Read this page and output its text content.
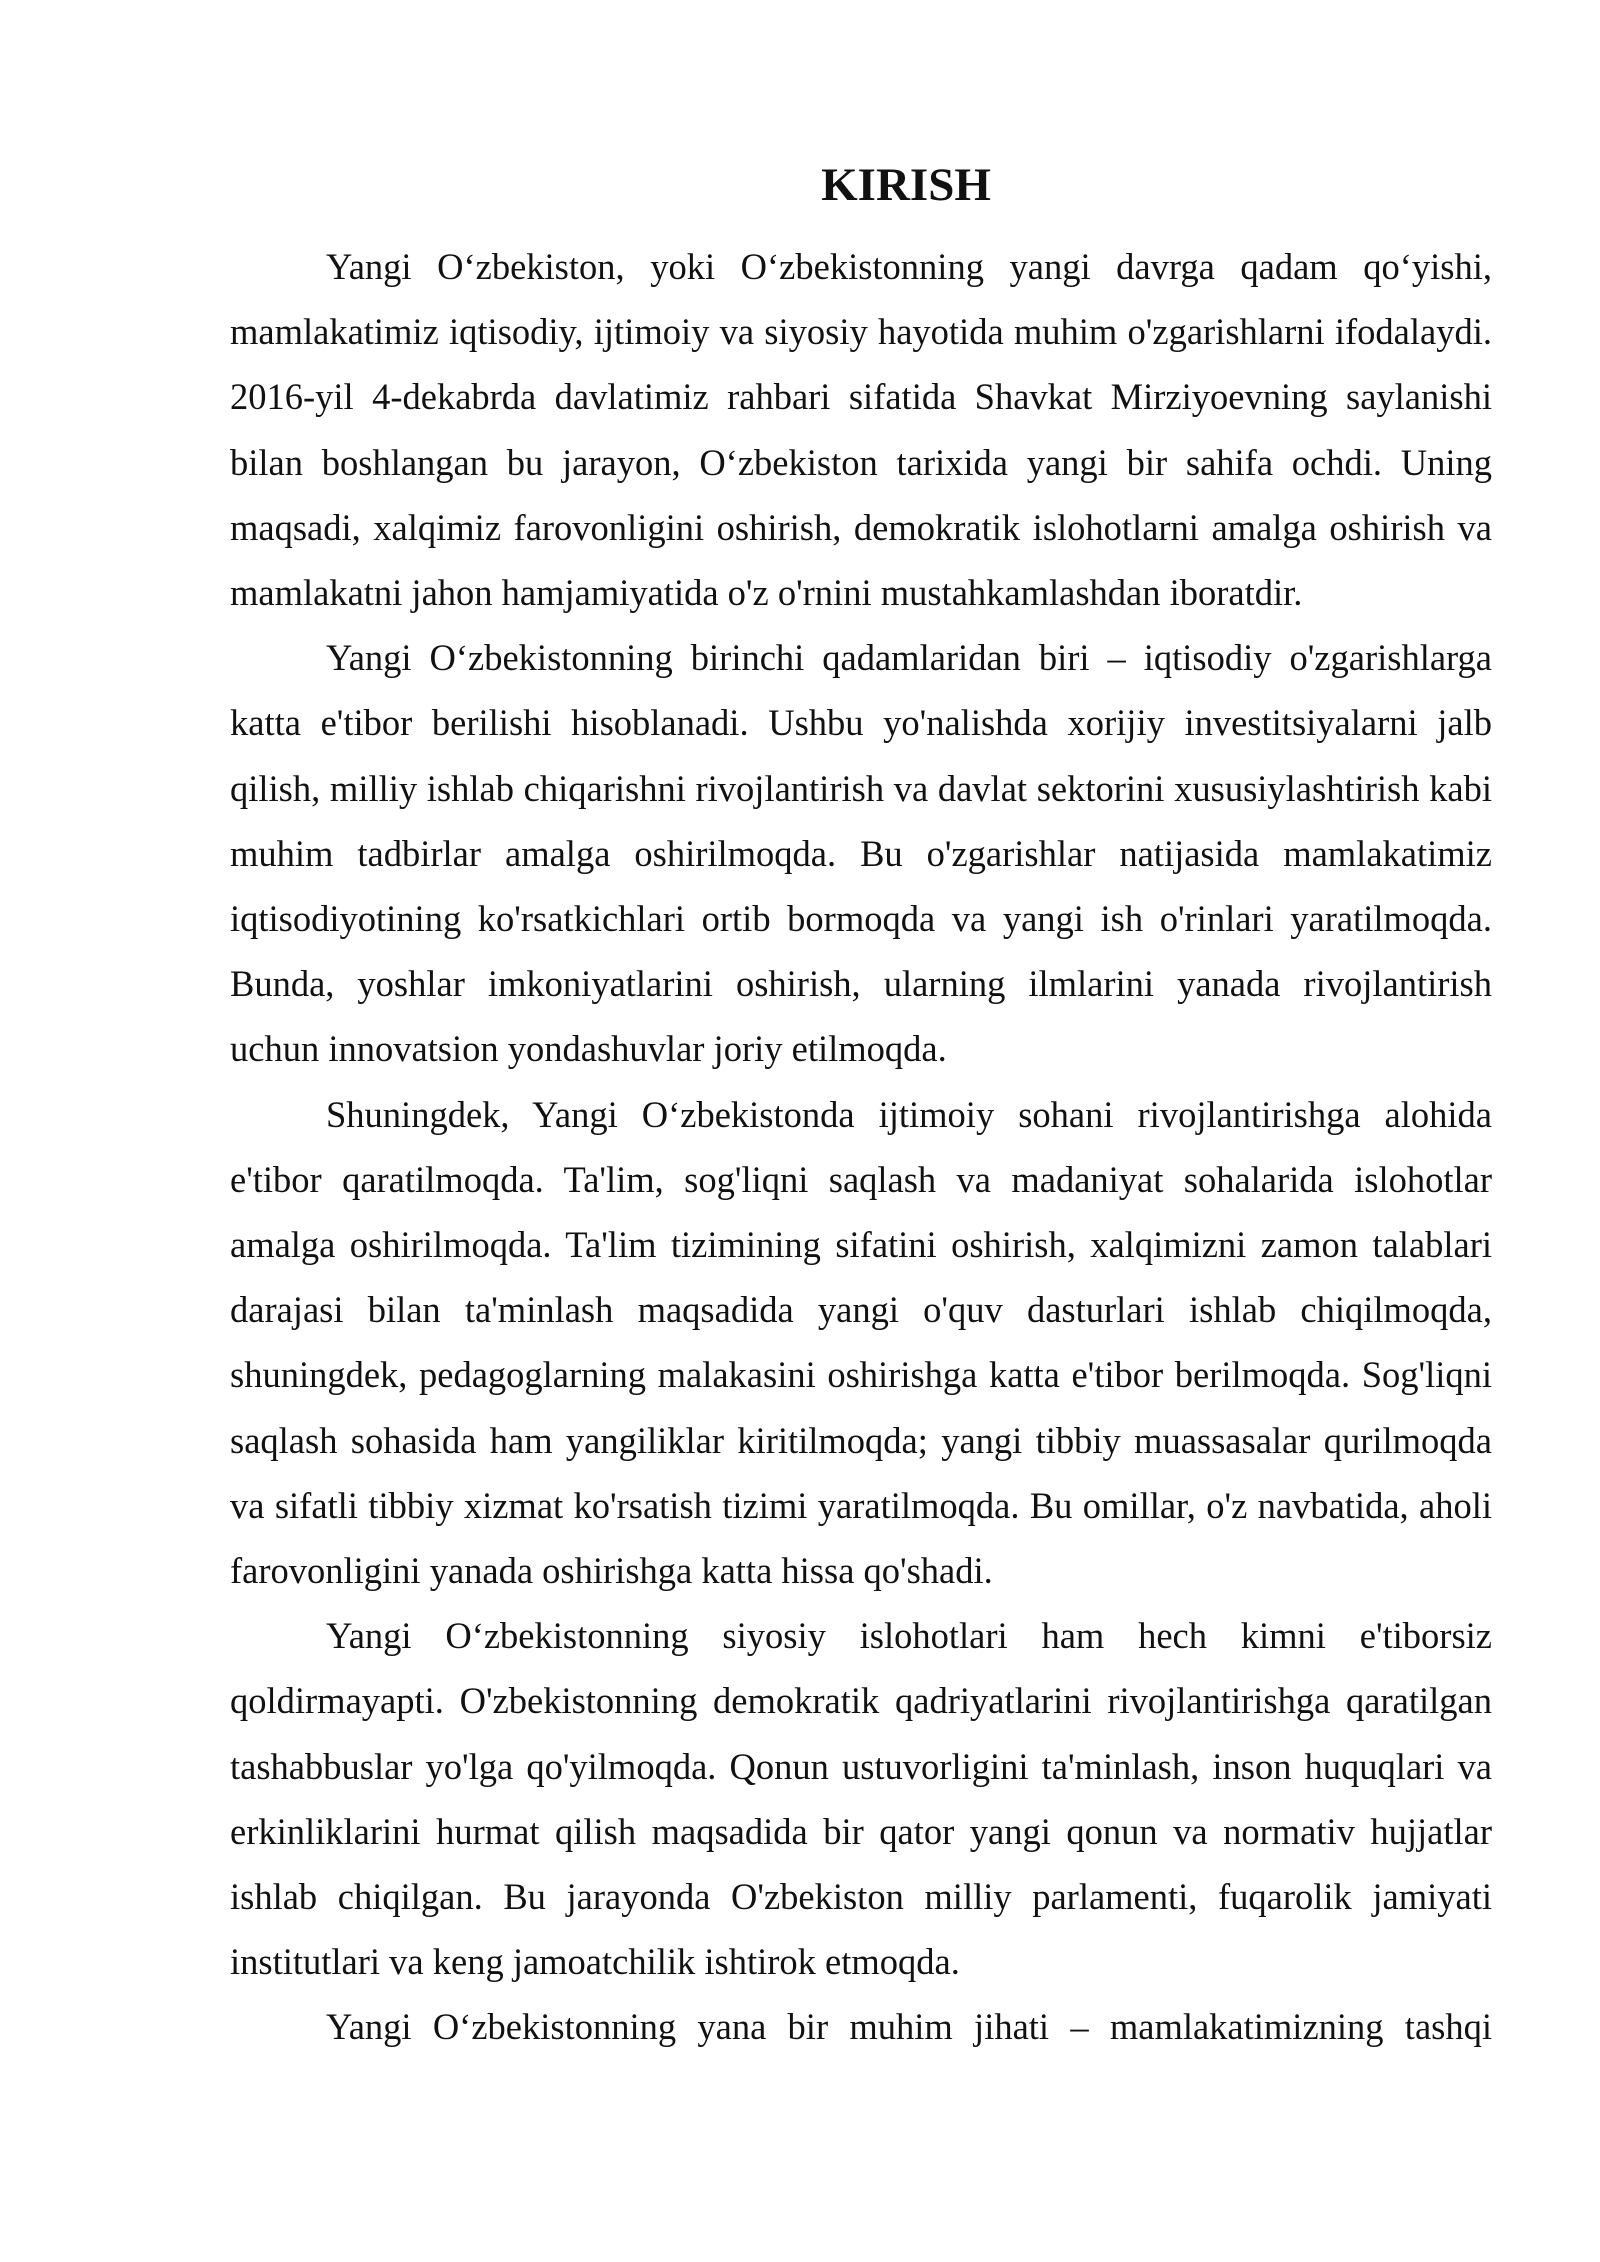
KIRISH

Yangi O‘zbekiston, yoki O‘zbekistonning yangi davrga qadam qo‘yishi, mamlakatimiz iqtisodiy, ijtimoiy va siyosiy hayotida muhim o'zgarishlarni ifodalaydi. 2016-yil 4-dekabrda davlatimiz rahbari sifatida Shavkat Mirziyoevning saylanishi bilan boshlangan bu jarayon, O‘zbekiston tarixida yangi bir sahifa ochdi. Uning maqsadi, xalqimiz farovonligini oshirish, demokratik islohotlarni amalga oshirish va mamlakatni jahon hamjamiyatida o'z o'rnini mustahkamlashdan iboratdir.

Yangi O‘zbekistonning birinchi qadamlaridan biri – iqtisodiy o'zgarishlarga katta e'tibor berilishi hisoblanadi. Ushbu yo'nalishda xorijiy investitsiyalarni jalb qilish, milliy ishlab chiqarishni rivojlantirish va davlat sektorini xususiylashtirish kabi muhim tadbirlar amalga oshirilmoqda. Bu o'zgarishlar natijasida mamlakatimiz iqtisodiyotining ko'rsatkichlari ortib bormoqda va yangi ish o'rinlari yaratilmoqda. Bunda, yoshlar imkoniyatlarini oshirish, ularning ilmlarini yanada rivojlantirish uchun innovatsion yondashuvlar joriy etilmoqda.

Shuningdek, Yangi O‘zbekistonda ijtimoiy sohani rivojlantirishga alohida e'tibor qaratilmoqda. Ta'lim, sog'liqni saqlash va madaniyat sohalarida islohotlar amalga oshirilmoqda. Ta'lim tizimining sifatini oshirish, xalqimizni zamon talablari darajasi bilan ta'minlash maqsadida yangi o'quv dasturlari ishlab chiqilmoqda, shuningdek, pedagoglarning malakasini oshirishga katta e'tibor berilmoqda. Sog'liqni saqlash sohasida ham yangiliklar kiritilmoqda; yangi tibbiy muassasalar qurilmoqda va sifatli tibbiy xizmat ko'rsatish tizimi yaratilmoqda. Bu omillar, o'z navbatida, aholi farovonligini yanada oshirishga katta hissa qo'shadi.

Yangi O‘zbekistonning siyosiy islohotlari ham hech kimni e'tiborsiz qoldirmayapti. O'zbekistonning demokratik qadriyatlarini rivojlantirishga qaratilgan tashabbuslar yo'lga qo'yilmoqda. Qonun ustuvorligini ta'minlash, inson huquqlari va erkinliklarini hurmat qilish maqsadida bir qator yangi qonun va normativ hujjatlar ishlab chiqilgan. Bu jarayonda O'zbekiston milliy parlamenti, fuqarolik jamiyati institutlari va keng jamoatchilik ishtirok etmoqda.

Yangi O‘zbekistonning yana bir muhim jihati – mamlakatimizning tashqi
